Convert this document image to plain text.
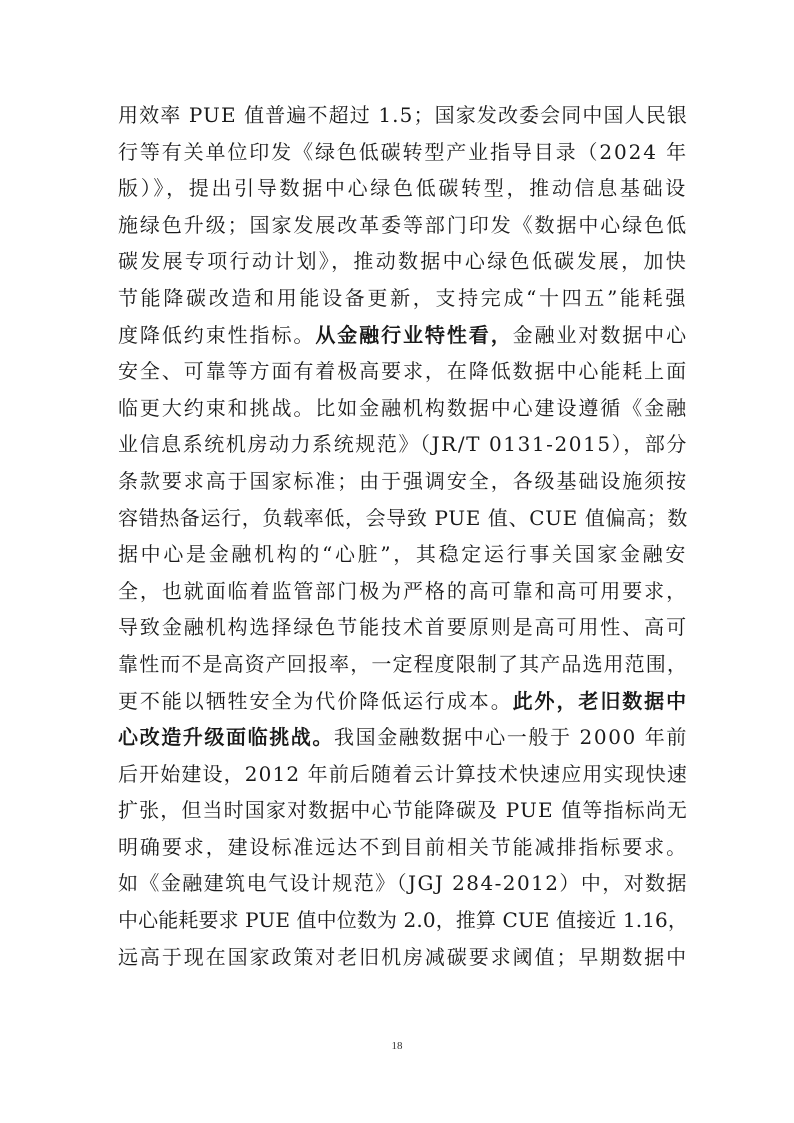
用效率 PUE 值普遍不超过 1.5；国家发改委会同中国人民银
行等有关单位印发《绿色低碳转型产业指导目录（2024 年
版）》，提出引导数据中心绿色低碳转型，推动信息基础设
施绿色升级；国家发展改革委等部门印发《数据中心绿色低
碳发展专项行动计划》，推动数据中心绿色低碳发展，加快
节能降碳改造和用能设备更新，支持完成“十四五”能耗强
度降低约束性指标。从金融行业特性看，金融业对数据中心
安全、可靠等方面有着极高要求，在降低数据中心能耗上面
临更大约束和挑战。比如金融机构数据中心建设遵循《金融
业信息系统机房动力系统规范》（JR/T 0131-2015），部分
条款要求高于国家标准；由于强调安全，各级基础设施须按
容错热备运行，负载率低，会导致 PUE 值、CUE 值偏高；数
据中心是金融机构的“心脏”，其稳定运行事关国家金融安
全，也就面临着监管部门极为严格的高可靠和高可用要求，
导致金融机构选择绿色节能技术首要原则是高可用性、高可
靠性而不是高资产回报率，一定程度限制了其产品选用范围，
更不能以牺牲安全为代价降低运行成本。此外，老旧数据中
心改造升级面临挑战。我国金融数据中心一般于 2000 年前
后开始建设，2012 年前后随着云计算技术快速应用实现快速
扩张，但当时国家对数据中心节能降碳及 PUE 值等指标尚无
明确要求，建设标准远达不到目前相关节能减排指标要求。
如《金融建筑电气设计规范》（JGJ 284-2012）中，对数据
中心能耗要求 PUE 值中位数为 2.0，推算 CUE 值接近 1.16，
远高于现在国家政策对老旧机房减碳要求阈值；早期数据中
18
